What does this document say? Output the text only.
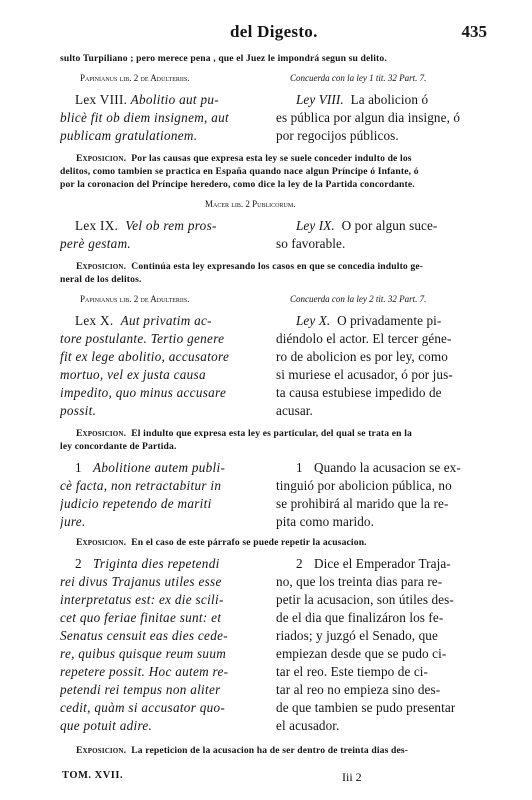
del Digesto.	435
sulto Turpiliano ; pero merece pena , que el Juez le impondrá segun su delito.
Papinianus lib. 2 de Adulteriis.	Concuerda con la ley 1 tit. 32 Part. 7.
Lex VIII. Abolitio aut pu-
blicè fit ob diem insignem, aut
publicam gratulationem.
Ley VIII. La abolicion ó
es pública por algun dia insigne, ó
por regocijos públicos.
Exposicion. Por las causas que expresa esta ley se suele conceder indulto de los
delitos, como tambien se practica en España quando nace algun Príncipe ó Infante, ó
por la coronacion del Príncipe heredero, como dice la ley de la Partida concordante.
Macer lib. 2 Publicorum.
Lex IX. Vel ob rem pros-
perè gestam.
Ley IX. O por algun suce-
so favorable.
Exposicion. Continúa esta ley expresando los casos en que se concedia indulto ge-
neral de los delitos.
Papinianus lib. 2 de Adulteriis.	Concuerda con la ley 2 tit. 32 Part. 7.
Lex X. Aut privatim ac-
tore postulante. Tertio genere
fit ex lege abolitio, accusatore
mortuo, vel ex justa causa
impedito, quo minus accusare
possit.
Ley X. O privadamente pi-
diéndolo el actor. El tercer géne-
ro de abolicion es por ley, como
si muriese el acusador, ó por jus-
ta causa estubiese impedido de
acusar.
Exposicion. El indulto que expresa esta ley es particular, del qual se trata en la
ley concordante de Partida.
1 Abolitione autem publi-
cè facta, non retractabitur in
judicio repetendo de mariti
jure.
1 Quando la acusacion se ex-
tinguió por abolicion pública, no
se prohibirá al marido que la re-
pita como marido.
Exposicion. En el caso de este párrafo se puede repetir la acusacion.
2 Triginta dies repetendi
rei divus Trajanus utiles esse
interpretatus est: ex die scili-
cet quo feriae finitae sunt: et
Senatus censuit eas dies cede-
re, quibus quisque reum suum
repetere possit. Hoc autem re-
petendi rei tempus non aliter
cedit, quàm si accusator quo-
que potuit adire.
2 Dice el Emperador Traja-
no, que los treinta dias para re-
petir la acusacion, son útiles des-
de el dia que finalizáron los fe-
riados; y juzgó el Senado, que
empiezan desde que se pudo ci-
tar el reo. Este tiempo de ci-
tar al reo no empieza sino des-
de que tambien se pudo presentar
el acusador.
Exposicion. La repeticion de la acusacion ha de ser dentro de treinta dias des-
TOM. XVII.	Iii 2
